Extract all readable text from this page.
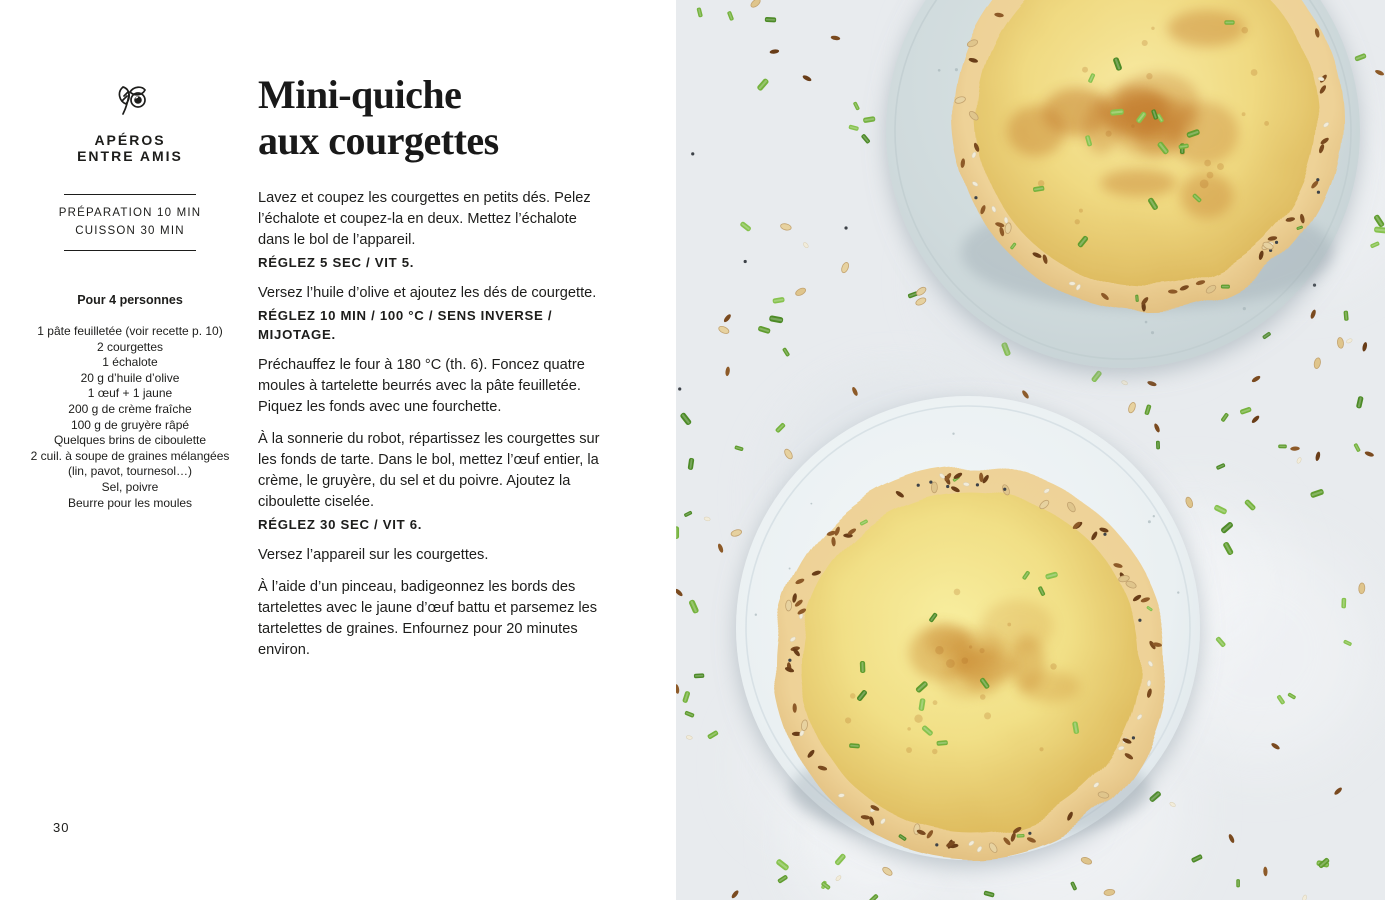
APÉROS
ENTRE AMIS
PRÉPARATION 10 MIN
CUISSON 30 MIN
Pour 4 personnes
1 pâte feuilletée (voir recette p. 10)
2 courgettes
1 échalote
20 g d’huile d’olive
1 œuf + 1 jaune
200 g de crème fraîche
100 g de gruyère râpé
Quelques brins de ciboulette
2 cuil. à soupe de graines mélangées
(lin, pavot, tournesol…)
Sel, poivre
Beurre pour les moules
Mini-quiche
aux courgettes

Lavez et coupez les courgettes en petits dés. Pelez l’échalote et coupez-la en deux. Mettez l’échalote dans le bol de l’appareil.

RÉGLEZ 5 SEC / VIT 5.

Versez l’huile d’olive et ajoutez les dés de courgette.

RÉGLEZ 10 MIN / 100 °C / SENS INVERSE / MIJOTAGE.

Préchauffez le four à 180 °C (th. 6). Foncez quatre moules à tartelette beurrés avec la pâte feuilletée. Piquez les fonds avec une fourchette.

À la sonnerie du robot, répartissez les courgettes sur les fonds de tarte. Dans le bol, mettez l’œuf entier, la crème, le gruyère, du sel et du poivre. Ajoutez la ciboulette ciselée.

RÉGLEZ 30 SEC / VIT 6.

Versez l’appareil sur les courgettes.

À l’aide d’un pinceau, badigeonnez les bords des tartelettes avec le jaune d’œuf battu et parsemez les tartelettes de graines. Enfournez pour 20 minutes environ.

30
